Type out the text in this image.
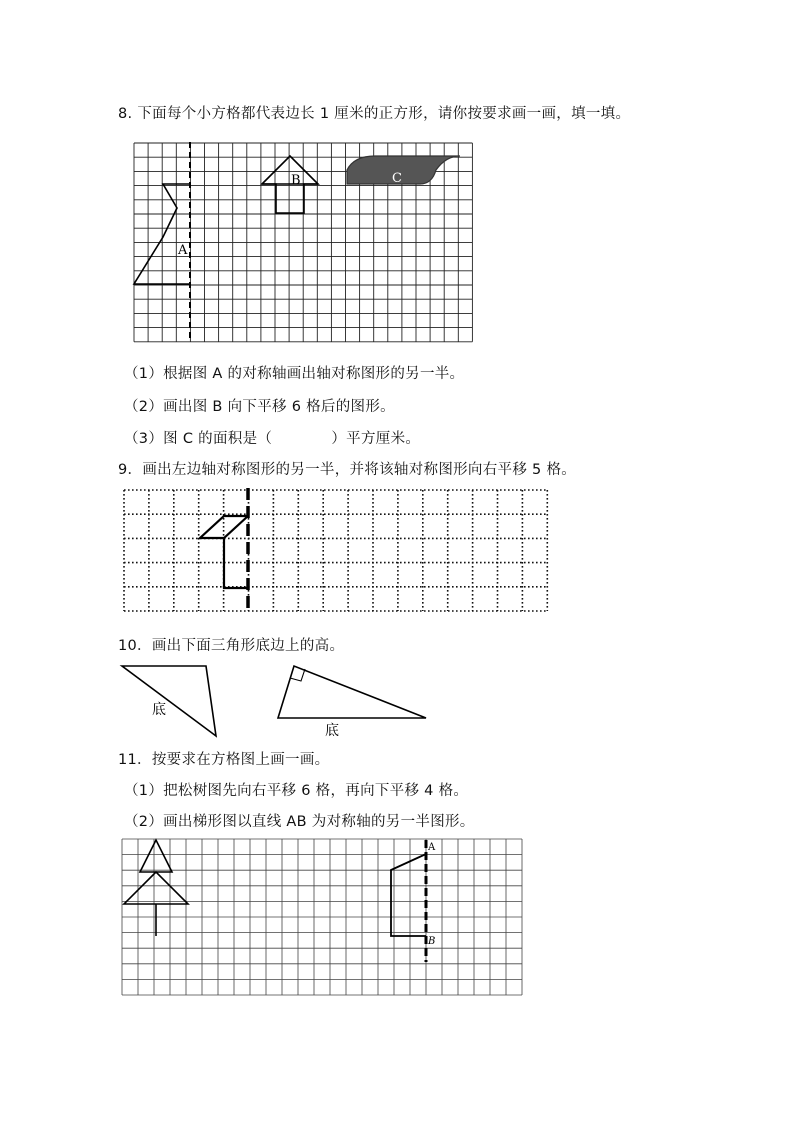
8. 下面每个小方格都代表边长 1 厘米的正方形，请你按要求画一画，填一填。
A
B	C
（1）根据图 A 的对称轴画出轴对称图形的另一半。
（2）画出图 B 向下平移 6 格后的图形。
（3）图 C 的面积是（　　　　）平方厘米。
9．画出左边轴对称图形的另一半，并将该轴对称图形向右平移 5 格。
10．画出下面三角形底边上的高。
底
底
11．按要求在方格图上画一画。
（1）把松树图先向右平移 6 格，再向下平移 4 格。
（2）画出梯形图以直线 AB 为对称轴的另一半图形。
A
B
